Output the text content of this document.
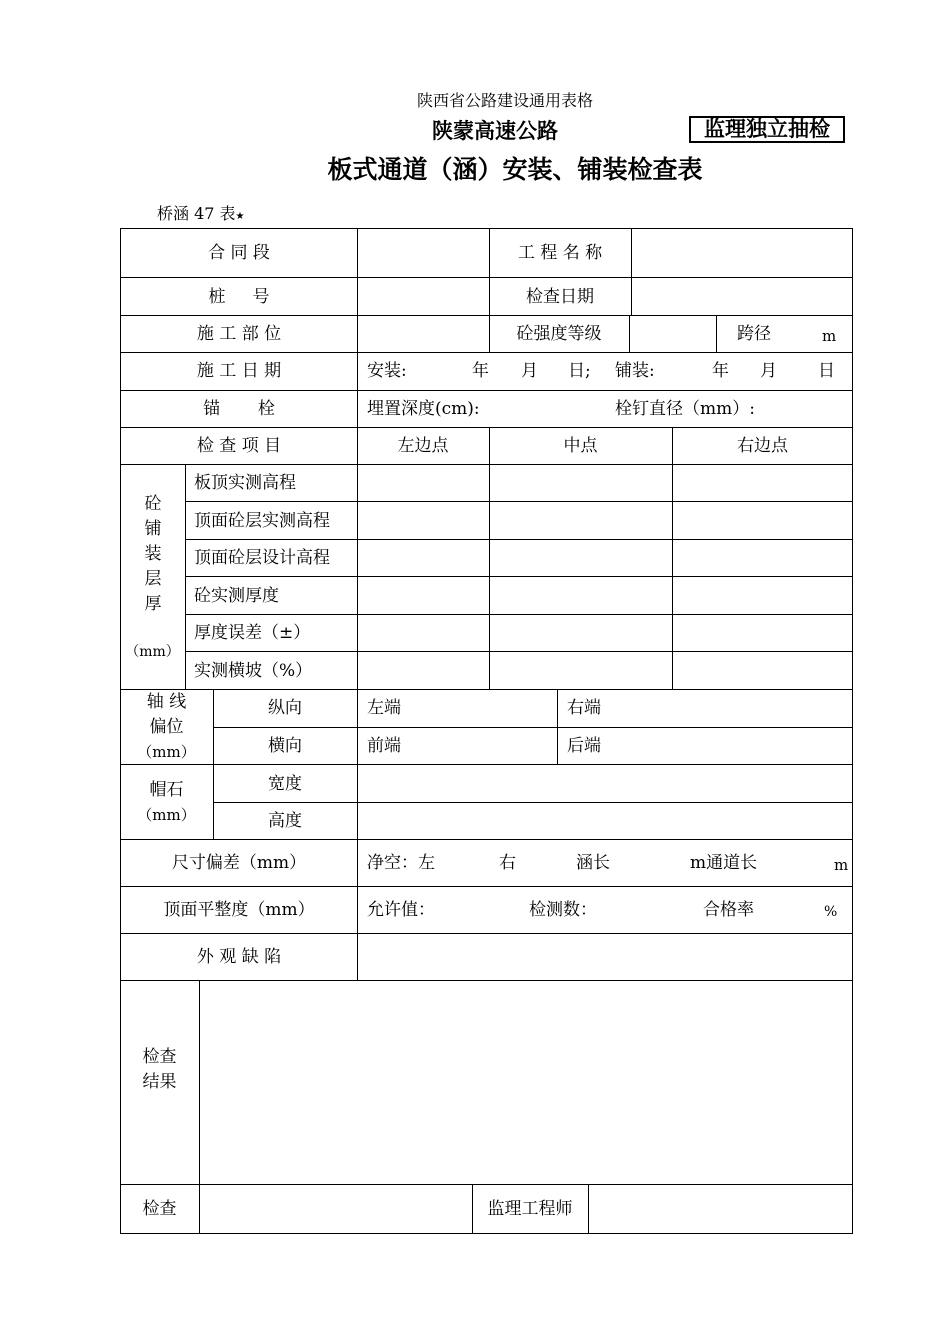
陕西省公路建设通用表格
陕蒙高速公路	监理独立抽检
板式通道（涵）安装、铺装检查表
桥涵 47 表★
合 同 段	工 程 名 称
桩     号	检查日期
施 工 部 位	砼强度等级	跨径	m
施 工 日 期	安装:	年 月 日; 铺装:	年 月 日
锚       栓	埋置深度(cm):	栓钉直径（mm）:
检 查 项 目	左边点	中点	右边点
砼铺装层厚
（mm）
板顶实测高程
顶面砼层实测高程
顶面砼层设计高程
砼实测厚度
厚度误差（±）
实测横坡（%）
轴 线
偏位
（mm）
纵向	左端	右端
横向	前端	后端
帽石
（mm）
宽度
高度
尺寸偏差（mm）	净空：左	右	涵长	m通道长	m
顶面平整度（mm）	允许值：	检测数：	合格率	%
外 观 缺 陷
检查
结果
检查	监理工程师
